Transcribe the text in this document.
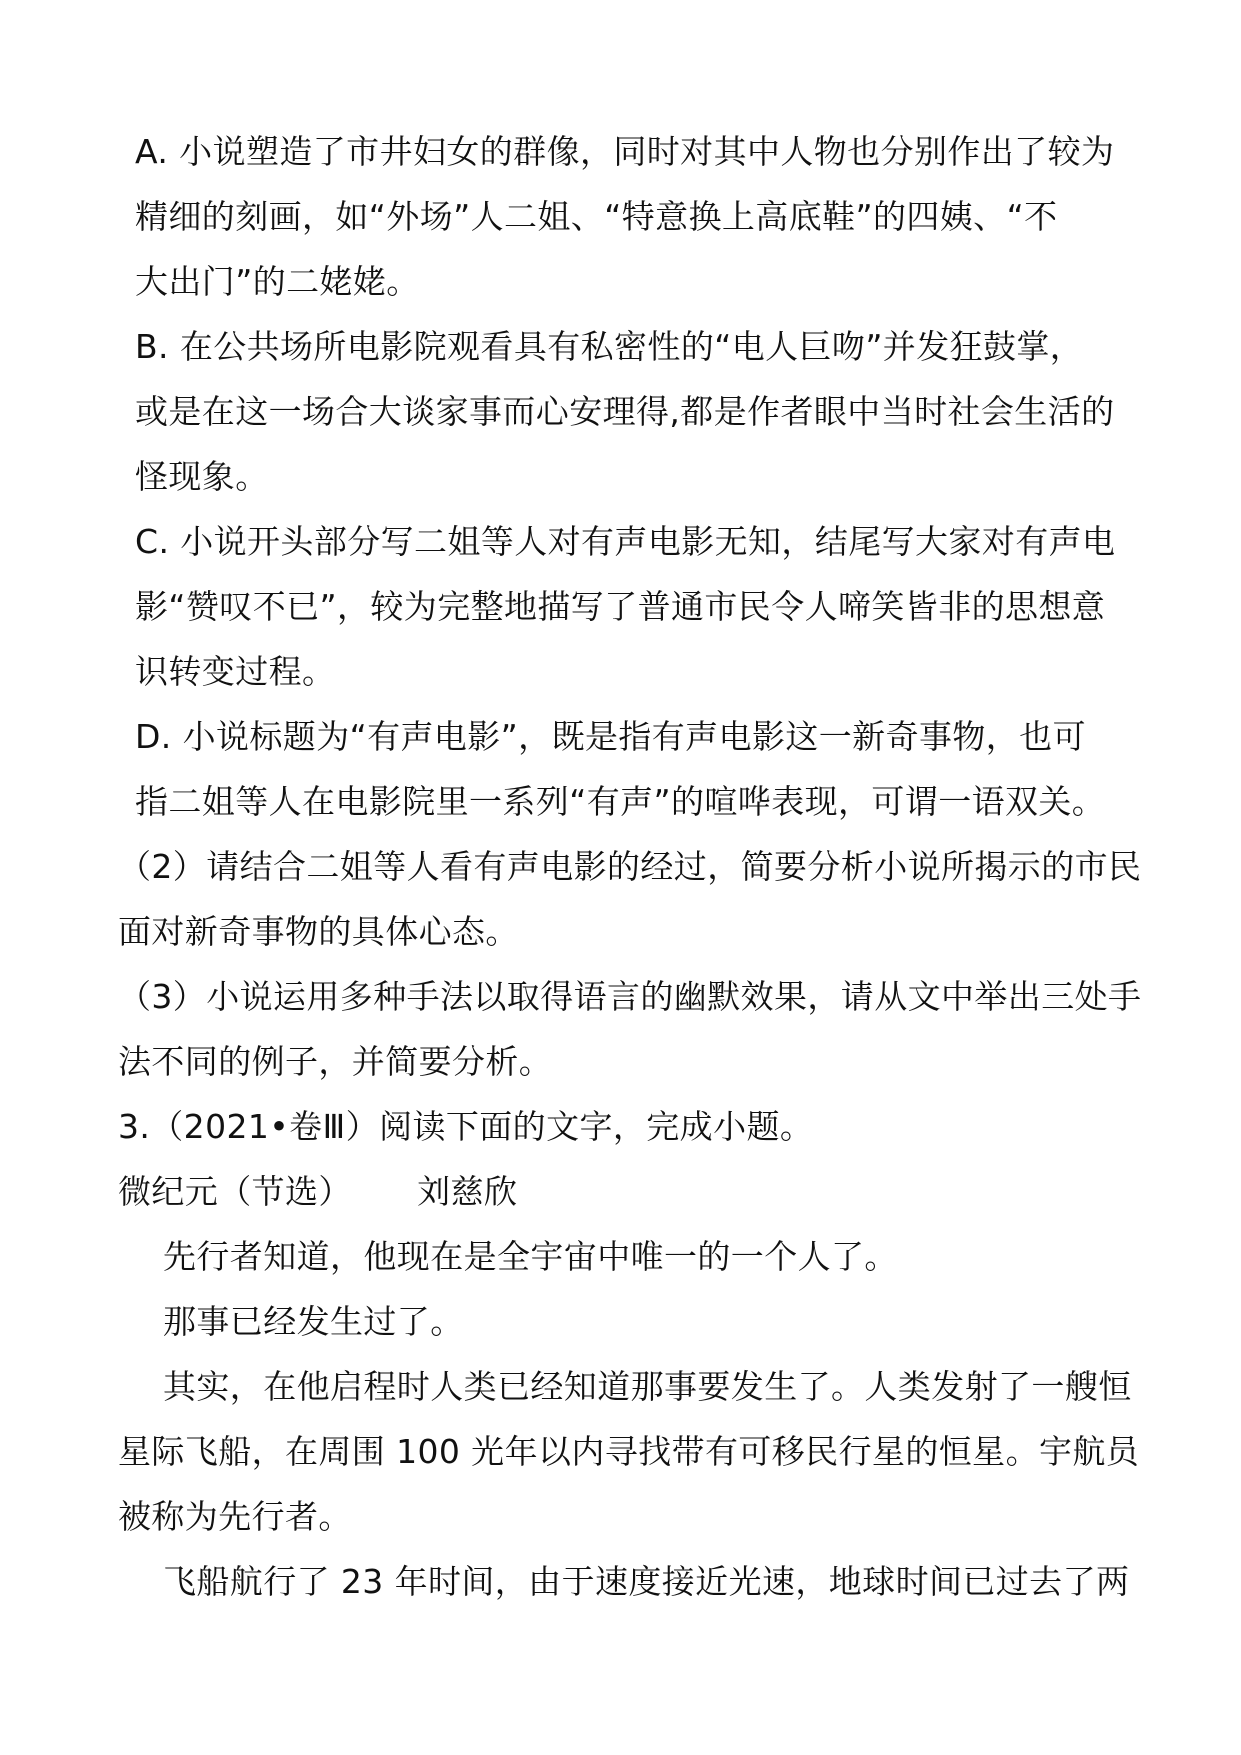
A. 小说塑造了市井妇女的群像，同时对其中人物也分别作出了较为
精细的刻画，如“外场”人二姐、“特意换上高底鞋”的四姨、“不
大出门”的二姥姥。
B. 在公共场所电影院观看具有私密性的“电人巨吻”并发狂鼓掌，
或是在这一场合大谈家事而心安理得,都是作者眼中当时社会生活的
怪现象。
C. 小说开头部分写二姐等人对有声电影无知，结尾写大家对有声电
影“赞叹不已”，较为完整地描写了普通市民令人啼笑皆非的思想意
识转变过程。
D. 小说标题为“有声电影”，既是指有声电影这一新奇事物，也可
指二姐等人在电影院里一系列“有声”的喧哗表现，可谓一语双关。
（2）请结合二姐等人看有声电影的经过，简要分析小说所揭示的市民
面对新奇事物的具体心态。
（3）小说运用多种手法以取得语言的幽默效果，请从文中举出三处手
法不同的例子，并简要分析。
3.（2021•卷Ⅲ）阅读下面的文字，完成小题。
微纪元（节选）      刘慈欣
先行者知道，他现在是全宇宙中唯一的一个人了。
那事已经发生过了。
其实，在他启程时人类已经知道那事要发生了。人类发射了一艘恒
星际飞船，在周围 100 光年以内寻找带有可移民行星的恒星。宇航员
被称为先行者。
飞船航行了 23 年时间，由于速度接近光速，地球时间已过去了两
